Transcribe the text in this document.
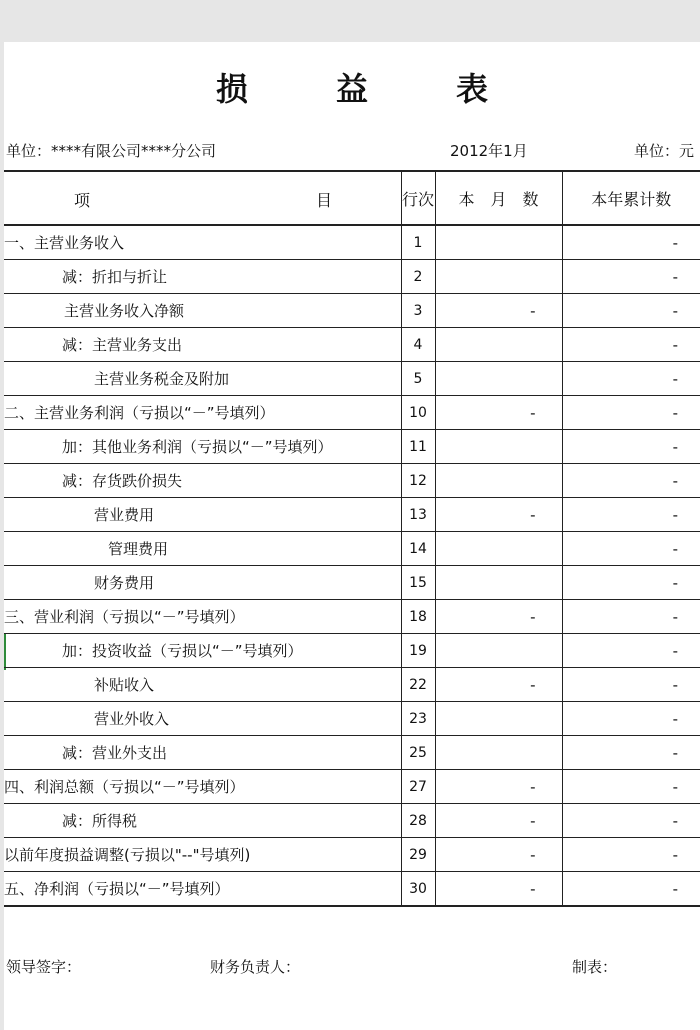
损	益	表
单位：****有限公司****分公司	2012年1月	单位：元
项 目	行次	本　月　数	本年累计数
一、主营业务收入	1		-
减：折扣与折让	2		-
主营业务收入净额	3	-	-
减：主营业务支出	4		-
主营业务税金及附加	5		-
二、主营业务利润（亏损以“－”号填列）	10	-	-
加：其他业务利润（亏损以“－”号填列）	11		-
减：存货跌价损失	12		-
营业费用	13	-	-
管理费用	14		-
财务费用	15		-
三、营业利润（亏损以“－”号填列）	18	-	-
加：投资收益（亏损以“－”号填列）	19		-
补贴收入	22	-	-
营业外收入	23		-
减：营业外支出	25		-
四、利润总额（亏损以“－”号填列）	27	-	-
减：所得税	28	-	-
以前年度损益调整(亏损以"--"号填列)	29	-	-
五、净利润（亏损以“－”号填列）	30	-	-
领导签字：	财务负责人：	制表：
